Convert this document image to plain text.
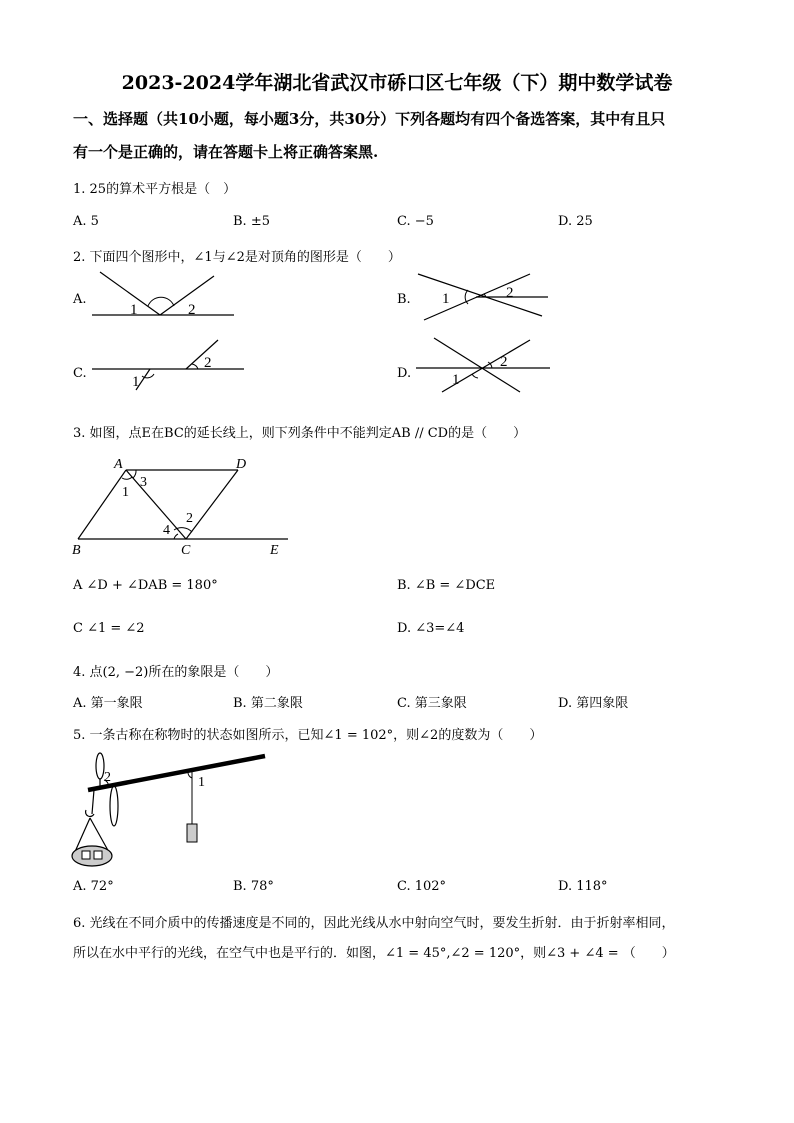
2023-2024学年湖北省武汉市硚口区七年级（下）期中数学试卷
一、选择题（共10小题，每小题3分，共30分）下列各题均有四个备选答案，其中有且只
有一个是正确的，请在答题卡上将正确答案黑.
1. 25的算术平方根是（　）
A. 5	B. ±5	C. −5	D. 25
2. 下面四个图形中，∠1与∠2是对顶角的图形是（　　）
A.	B.
C.	D.
1	2
1	2
1
2
1
2
3. 如图，点E在BC的延长线上，则下列条件中不能判定AB // CD的是（　　）
A	D
B	C	E
1
2
3
4
A ∠D + ∠DAB = 180°	B. ∠B = ∠DCE
C ∠1 = ∠2	D. ∠3=∠4
4. 点(2, −2)所在的象限是（　　）
A. 第一象限	B. 第二象限	C. 第三象限	D. 第四象限
5. 一条古称在称物时的状态如图所示，已知∠1 = 102°，则∠2的度数为（　　）
1
2
A. 72°	B. 78°	C. 102°	D. 118°
6. 光线在不同介质中的传播速度是不同的，因此光线从水中射向空气时，要发生折射．由于折射率相同，
所以在水中平行的光线，在空气中也是平行的．如图，∠1 = 45°,∠2 = 120°，则∠3 + ∠4 = （　　）
